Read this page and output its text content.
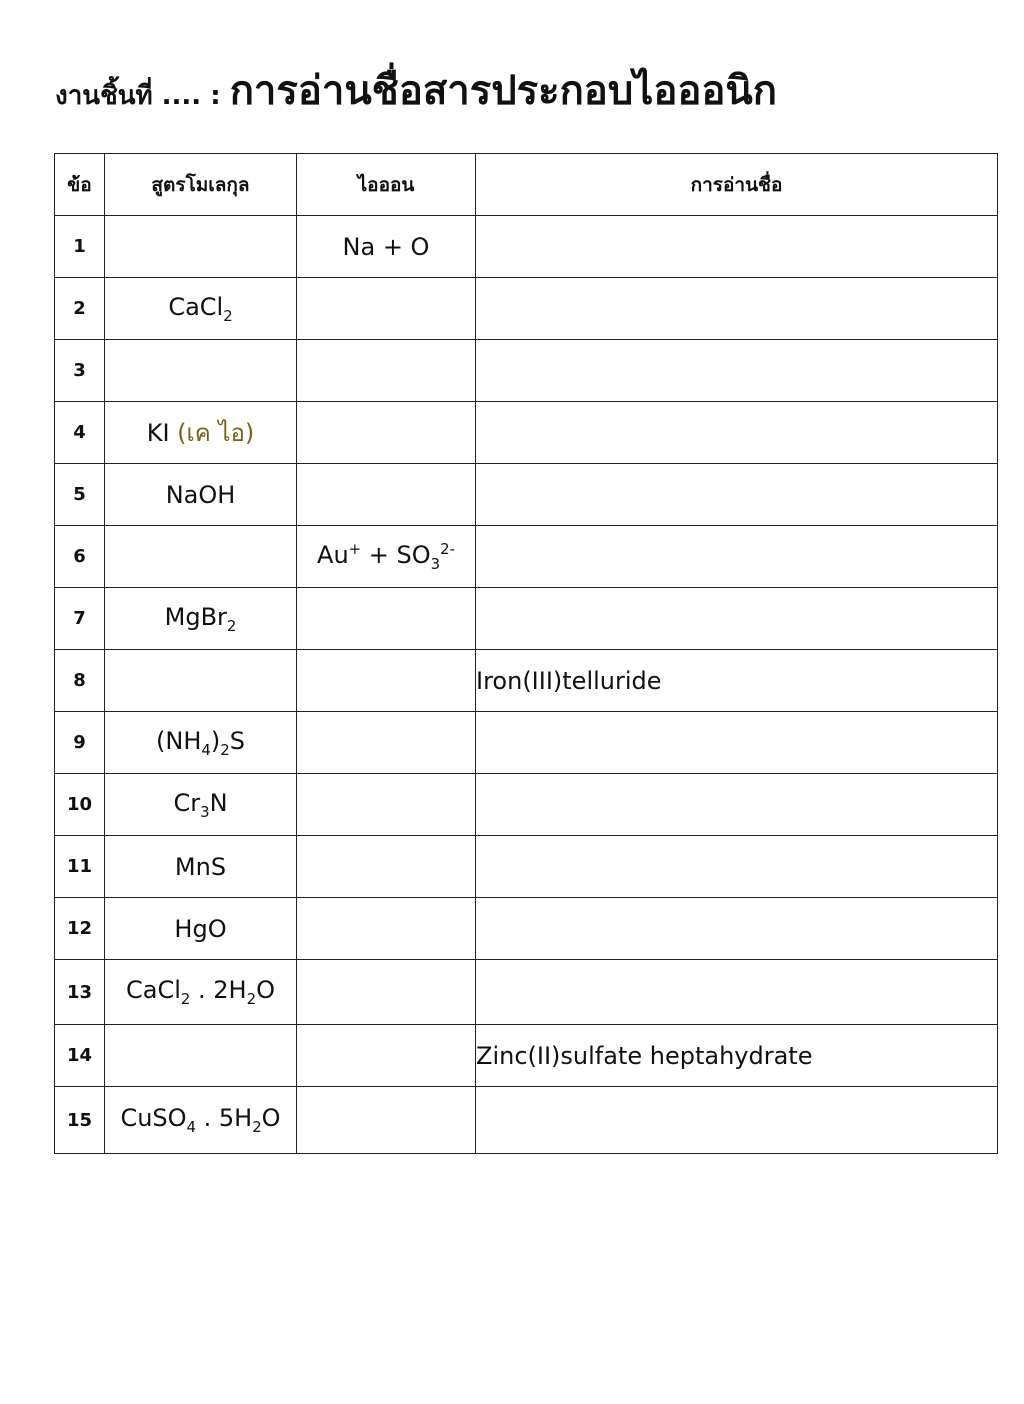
งานชิ้นที่ .... : การอ่านชื่อสารประกอบไอออนิก
ข้อ	สูตรโมเลกุล	ไอออน	การอ่านชื่อ
1		Na + O	
2	CaCl$_2$		
3			
4	KI (เค ไอ)		
5	NaOH		
6		$Au^+ + SO_3^{2-}$	
7	MgBr$_2$		
8			Iron(III)telluride
9	$(NH_4)_2S$		
10	$Cr_3N$		
11	MnS		
12	HgO		
13	CaCl$_2$ . $2H_2O$		
14			Zinc(II)sulfate heptahydrate
15	CuSO$_4$ . $5H_2O$		
